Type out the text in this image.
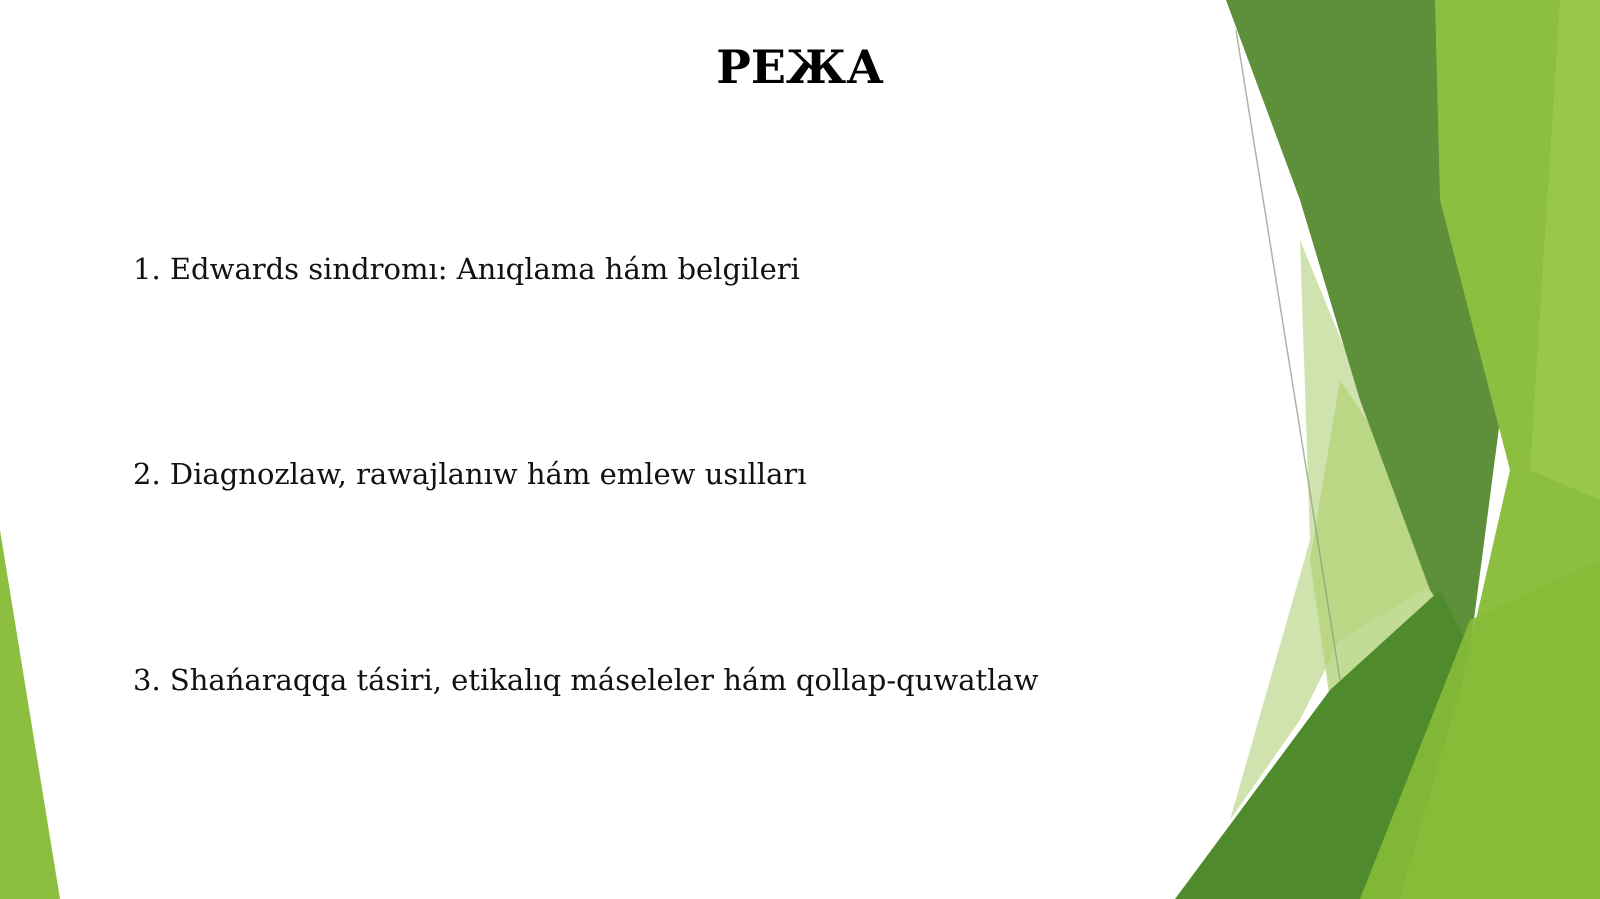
РЕЖА

1. Edwards sindromı: Anıqlama hám belgileri

2. Diagnozlaw, rawajlanıw hám emlew usılları

3. Shańaraqqa tásiri, etikalıq máseleler hám qollap-quwatlaw
